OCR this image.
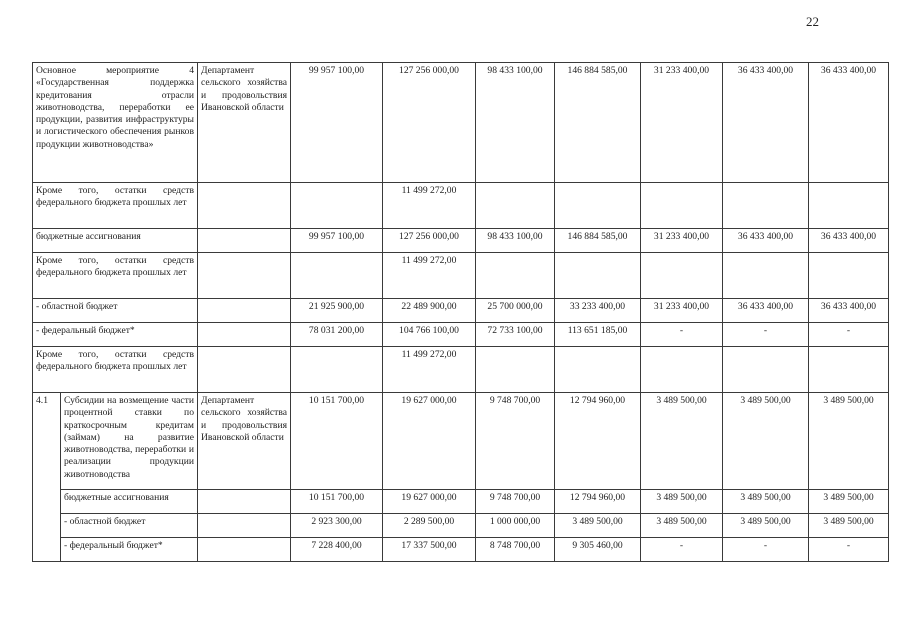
22
Основное мероприятие 4 «Государственная поддержка кредитования отрасли животноводства, переработки ее продукции, развития инфраструктуры и логистического обеспечения рынков продукции животноводства»		Департамент сельского хозяйства и продовольствия Ивановской области	99 957 100,00	127 256 000,00	98 433 100,00	146 884 585,00	31 233 400,00	36 433 400,00	36 433 400,00
Кроме того, остатки средств федерального бюджета прошлых лет				11 499 272,00					
бюджетные ассигнования			99 957 100,00	127 256 000,00	98 433 100,00	146 884 585,00	31 233 400,00	36 433 400,00	36 433 400,00
Кроме того, остатки средств федерального бюджета прошлых лет				11 499 272,00					
- областной бюджет			21 925 900,00	22 489 900,00	25 700 000,00	33 233 400,00	31 233 400,00	36 433 400,00	36 433 400,00
- федеральный бюджет*			78 031 200,00	104 766 100,00	72 733 100,00	113 651 185,00	-	-	-
Кроме того, остатки средств федерального бюджета прошлых лет				11 499 272,00					
4.1	Субсидии на возмещение части процентной ставки по краткосрочным кредитам (займам) на развитие животноводства, переработки и реализации продукции животноводства	Департамент сельского хозяйства и продовольствия Ивановской области	10 151 700,00	19 627 000,00	9 748 700,00	12 794 960,00	3 489 500,00	3 489 500,00	3 489 500,00
	бюджетные ассигнования		10 151 700,00	19 627 000,00	9 748 700,00	12 794 960,00	3 489 500,00	3 489 500,00	3 489 500,00
	- областной бюджет		2 923 300,00	2 289 500,00	1 000 000,00	3 489 500,00	3 489 500,00	3 489 500,00	3 489 500,00
	- федеральный бюджет*		7 228 400,00	17 337 500,00	8 748 700,00	9 305 460,00	-	-	-
